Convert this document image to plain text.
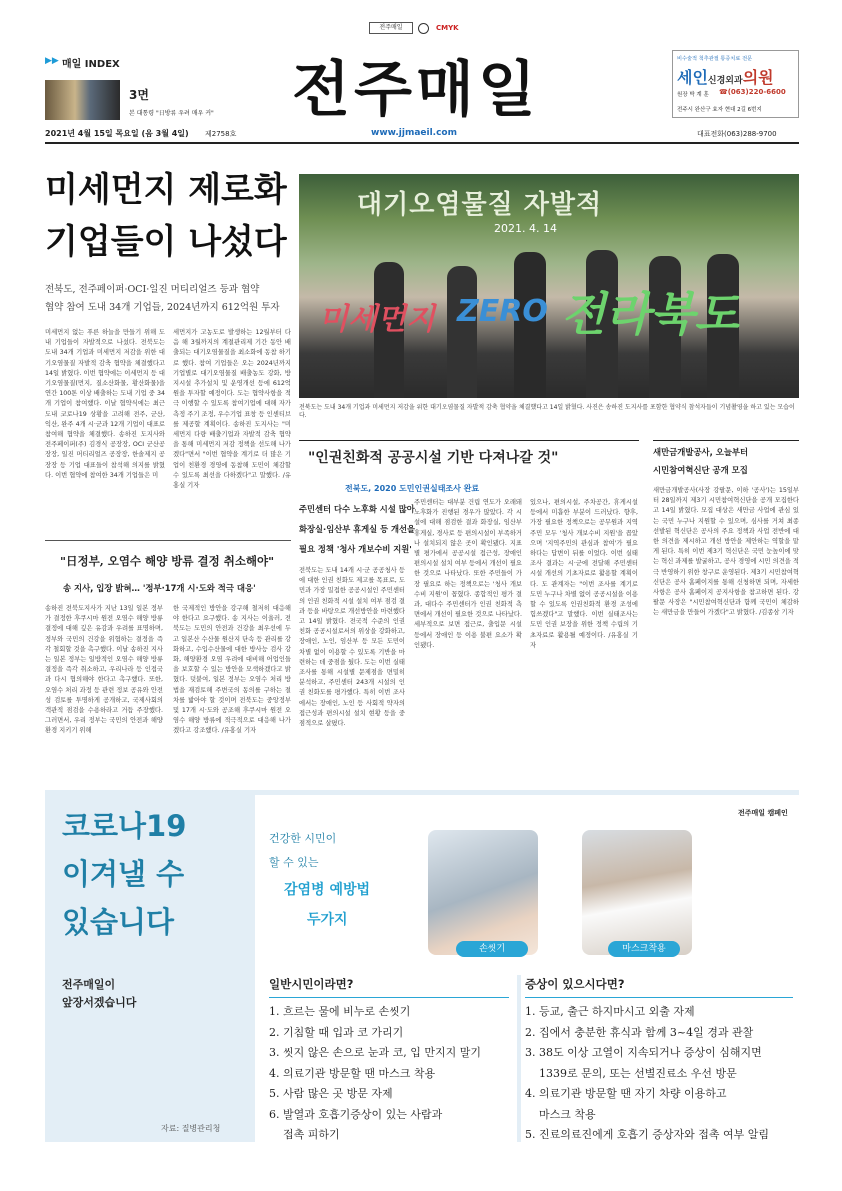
전주매일	CMYK
▶▶ 매일 INDEX
3면
본 대통령 "日방류 우려 매우 커" 전주매일
www.jjmaeil.com
2021년 4월 15일 목요일 (음 3월 4일) 제2758호	대표전화(063)288-9700
비수술적 척추관절 통증치료 전문
세인신경외과의원
원장 박 계 훈 ☎(063)220-6600
전주시 완산구 효자 현대 2길 6번지
미세먼지 제로화
기업들이 나섰다
전북도, 전주페이퍼·OCI·일진 머티리얼즈 등과 협약
협약 참여 도내 34개 기업들, 2024년까지 612억원 투자
미세먼지 없는 푸른 하늘을 만들기 위해 도내 기업들이 자발적으로 나섰다. 전북도는 도내 34개 기업과 미세먼지 저감을 위한 대기오염물질 자발적 감축 협약을 체결했다고 14일 밝혔다. 이번 협약에는 이세먼지 등 대기오염물질(먼지, 질소산화물, 황산화물)을 연간 100톤 이상 배출하는 도내 기업 중 34개 기업이 참여했다. 이날 협약식에는 최근 도내 코로나19 상황을 고려해 전주, 군산, 익산, 완주 4개 시·군과 12개 기업이 대표로 참여해 협약을 체결했다. 송하진 도지사와 전주페이퍼(주) 김경식 공장장, OCI 군산공장장, 일진 머티리얼즈 공장장, 한솔제지 공장장 등 기업 대표들이 참석해 의지를 밝혔다. 이번 협약에 참여한 34개 기업들은 미
세먼지가 고농도로 발생하는 12월부터 다음 해 3월까지의 계절관리제 기간 동안 배출되는 대기오염물질을 최소화에 동참 하기로 했다. 참여 기업들은 오는 2024년까지 기업별로 대기오염물질 배출농도 강화, 방지시설 추가설치 및 운영개선 등에 612억 원을 투자할 예정이다. 도는 협약사항을 적극 이행할 수 있도록 참여기업에 대해 자가측정 주기 조정, 우수기업 표창 등 인센티브를 제공할 계획이다. 송하진 도지사는 "미세먼지 다량 배출기업과 자발적 감축 협약을 통해 미세먼지 저감 정책을 선도해 나가겠다"면서 "이번 협약을 계기로 더 많은 기업이 친환경 경영에 동참해 도민이 체감할 수 있도록 최선을 다하겠다"고 말했다. /유홍실 기자
대기오염물질 자발적
2021. 4. 14
미세먼지 ZERO 전라북도
전북도는 도내 34개 기업과 미세먼지 저감을 위한 대기오염물질 자발적 감축 협약을 체결했다고 14일 밝혔다. 사진은 송하진 도지사를 포함한 협약식 참석자들이 기념촬영을 하고 있는 모습이다.
"日정부, 오염수 해양 방류 결정 취소해야"
송 지사, 입장 밝혀… '정부·17개 시·도와 적극 대응'
송하진 전북도지사가 지난 13일 일본 정부가 결정한 후쿠시마 원전 오염수 해양 방류 결정에 대해 깊은 유감과 우려를 표명하며, 정부와 국민의 건강을 위협하는 결정을 즉각 철회할 것을 촉구했다. 이날 송하진 지사는 일본 정부는 일방적인 오염수 해양 방류 결정을 즉각 취소하고, 우리나라 등 인접국과 다시 협의해야 한다고 촉구했다. 또한, 오염수 처리 과정 등 관련 정보 공유와 안전성 검토를 투명하게 공개하고, 국제사회의 객관적 점검을 수용하라고 거듭 주장했다. 그러면서, 우리 정부는 국민의 안전과 해양환경 지키기 위해
한 국제적인 방안을 강구해 철저히 대응해야 한다고 요구했다. 송 지사는 이울러, 전북도는 도민의 안전과 건강을 최우선에 두고 일본산 수산물 원산지 단속 등 관리를 강화하고, 수입수산물에 대한 방사능 검사 강화, 해양환경 오염 우려에 대비해 어업인들을 보호할 수 있는 방안을 모색하겠다고 밝혔다. 덧붙여, 일본 정부는 오염수 처리 방법을 재검토해 주변국의 동의를 구하는 절차를 밟아야 할 것이며 전북도는 중앙정부 및 17개 시·도와 공조해 후쿠시마 원전 오염수 해양 방류에 적극적으로 대응해 나가겠다고 강조했다. /유홍실 기자
"인권친화적 공공시설 기반 다져나갈 것"
전북도, 2020 도민인권실태조사 완료
주민센터 다수 노후화 시설 많아
화장실·임산부 휴게실 등 개선을
필요 정책 '청사 개보수비 지원'
전북도는 도내 14개 시·군 공공청사 등에 대한 인권 친화도 제고를 목표로, 도민과 가장 밀접한 공공시설인 주민센터의 인권 친화적 시설 설치 여부 점검 결과 등을 바탕으로 개선방안을 마련했다고 14일 밝혔다. 전국적 수준의 인권 친화 공공시설로서의 위상을 강화하고, 장애인, 노인, 임산부 등 모든 도민이 차별 없이 이용할 수 있도록 기반을 마련하는 데 중점을 뒀다. 도는 이번 실태조사를 통해 시설별 문제점을 면밀히 분석하고, 주민센터 243개 시설의 인권 친화도를 평가했다. 특히 이번 조사에서는 장애인, 노인 등 사회적 약자의 접근성과 편의시설 설치 현황 등을 중점적으로 살폈다.
주민센터는 대부분 건립 연도가 오래돼 노후화가 진행된 경우가 많았다. 각 시설에 대해 점검한 결과 화장실, 임산부 휴게실, 경사로 등 편의시설이 부족하거나 설치되지 않은 곳이 확인됐다. 지표별 평가에서 공공시설 접근성, 장애인 편의시설 설치 여부 등에서 개선이 필요한 것으로 나타났다. 또한 주민들이 가장 필요로 하는 정책으로는 '청사 개보수비 지원'이 꼽혔다. 종합적인 평가 결과, 대다수 주민센터가 인권 친화적 측면에서 개선이 필요한 것으로 나타났다. 세부적으로 보면 접근로, 출입문 시설 등에서 장애인 등 이용 불편 요소가 확인됐다.
있으나, 편의시설, 주차공간, 휴게시설 등에서 미흡한 부분이 드러났다. 향후, 가장 필요한 정책으로는 공무원과 지역주민 모두 '청사 개보수비 지원'을 꼽았으며 '지역주민의 관심과 참여'가 필요하다는 답변이 뒤를 이었다. 이번 실태조사 결과는 시·군에 전달해 주민센터 시설 개선의 기초자료로 활용할 계획이다. 도 관계자는 "이번 조사를 계기로 도민 누구나 차별 없이 공공시설을 이용할 수 있도록 인권친화적 환경 조성에 힘쓰겠다"고 말했다. 이번 실태조사는 도민 인권 보장을 위한 정책 수립의 기초자료로 활용될 예정이다. /유홍실 기자
새만금개발공사, 오늘부터
시민참여혁신단 공개 모집
새만금개발공사(사장 강팔문, 이하 '공사')는 15일부터 28일까지 제3기 시민참여혁신단을 공개 모집한다고 14일 밝혔다. 모집 대상은 새만금 사업에 관심 있는 국민 누구나 지원할 수 있으며, 심사를 거쳐 최종 선발된 혁신단은 공사의 주요 정책과 사업 전반에 대한 의견을 제시하고 개선 방안을 제안하는 역할을 맡게 된다. 특히 이번 제3기 혁신단은 국민 눈높이에 맞는 혁신 과제를 발굴하고, 공사 경영에 시민 의견을 적극 반영하기 위한 창구로 운영된다. 제3기 시민참여혁신단은 공사 홈페이지를 통해 신청하면 되며, 자세한 사항은 공사 홈페이지 공지사항을 참고하면 된다. 강팔문 사장은 "시민참여혁신단과 함께 국민이 체감하는 새만금을 만들어 가겠다"고 밝혔다. /김종삼 기자
전주매일 캠페인
코로나19
이겨낼 수
있습니다
전주매일이
앞장서겠습니다
자료: 질병관리청
건강한 시민이
할 수 있는
감염병 예방법
두가지
손씻기	마스크착용
일반시민이라면?
1. 흐르는 물에 비누로 손씻기
2. 기침할 때 입과 코 가리기
3. 씻지 않은 손으로 눈과 코, 입 만지지 말기
4. 의료기관 방문할 땐 마스크 착용
5. 사람 많은 곳 방문 자제
6. 발열과 호흡기증상이 있는 사람과
접촉 피하기
증상이 있으시다면?
1. 등교, 출근 하지마시고 외출 자제
2. 집에서 충분한 휴식과 함께 3~4일 경과 관찰
3. 38도 이상 고열이 지속되거나 증상이 심해지면
1339로 문의, 또는 선별진료소 우선 방문
4. 의료기관 방문할 땐 자기 차량 이용하고
마스크 착용
5. 진료의료진에게 호흡기 증상자와 접촉 여부 알림
